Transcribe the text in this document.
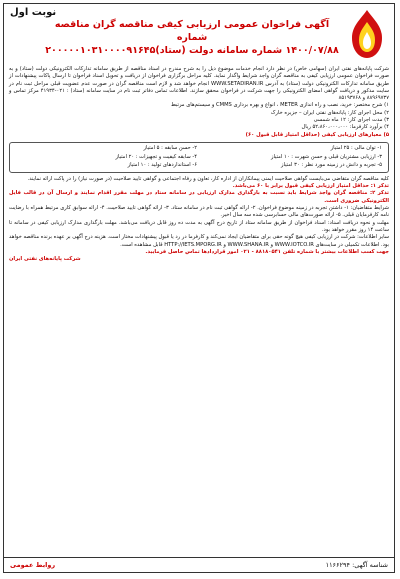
نوبت اول
آگهی فراخوان عمومی ارزیابی کیفی مناقصه گران مناقصه شماره
۱۴۰۰/۰۷/۸۸ شماره سامانه دولت (ستاد)۲۰۰۰۰۰۱۰۳۱۰۰۰۰۹۱۶۴۵

شرکت پایانه‌های نفتی ایران (سهامی خاص) در نظر دارد انجام خدمات موضوع ذیل را به شرح مندرج در اسناد مناقصه از طریق سامانه تدارکات الکترونیکی دولت (ستاد) و به صورت فراخوان عمومی ارزیابی کیفی به مناقصه گران واجد شرایط واگذار نماید. کلیه مراحل برگزاری فراخوان از دریافت و تحویل اسناد فراخوان تا ارسال پاکات پیشنهادات از طریق سامانه تدارکات الکترونیکی دولت (ستاد) به آدرس WWW.SETADIRAN.IR انجام خواهد شد و لازم است مناقصه گران در صورت عدم عضویت قبلی مراحل ثبت نام در سایت مذکور و دریافت گواهی امضای الکترونیکی را جهت شرکت در فراخوان محقق سازند. اطلاعات تماس دفاتر ثبت نام در سایت سامانه (ستاد) : ۰۲۱-۴۱۹۳۴ مرکز تماس و ۸۸۹۶۹۷۳۷ و ۸۵۱۹۳۷۶۸

۱) شرح مختصر: خرید، نصب و راه اندازی METER ، انواع و بهره برداری CMMS و سیستم‌های مرتبط
۲) محل اجرای کار: پایانه‌های نفتی ایران – جزیره خارک
۳) مدت اجرای کار: ۱۲ ماه شمسی
۴) برآورد کارفرما: ۵۲،۸۶۰،۰۰۰،۰۰۰ ریال
۵) معیارهای ارزیابی کیفی (حداقل امتیاز قابل قبول ۶۰)
۱- توان مالی : ۲۵ امتیاز
۲- حسن سابقه : ۵ امتیاز
۳- ارزیابی مشتریان قبلی و حسن شهرت : ۱۰ امتیاز
۴- سابقه کیفیت و تجهیزات : ۲۰ امتیاز
۵- تجربه و دانش در زمینه مورد نظر : ۳۰ امتیاز
۶- استانداردهای تولید : ۱۰ امتیاز

کلیه مناقصه گران متقاضی می‌بایست گواهی صلاحیت ایمنی پیمانکاران از اداره کار، تعاون و رفاه اجتماعی و گواهی تایید صلاحیت (در صورت نیاز) را در پاکت ارائه نمایند.

تذکر ۱: حداقل امتیاز ارزیابی کیفی قبول برابر با ۶۰ می‌باشد.

تذکر ۲: مناقصه گران واجد شرایط باید نسبت به بارگذاری مدارک ارزیابی در سامانه ستاد در مهلت مقرر اقدام نمایند و ارسال آن در قالب فایل الکترونیکی ضروری است.

شرایط متقاضیان: ۱- داشتن تجربه در زمینه موضوع فراخوان. ۲- ارائه گواهی ثبت نام در سامانه ستاد. ۳- ارائه گواهی تایید صلاحیت. ۴- ارائه سوابق کاری مرتبط همراه با رضایت نامه کارفرمایان قبلی. ۵- ارائه صورت‌های مالی حسابرسی شده سه سال اخیر.

مهلت و نحوه دریافت اسناد: اسناد فراخوان از طریق سامانه ستاد از تاریخ درج آگهی به مدت ده روز قابل دریافت می‌باشد. مهلت بارگذاری مدارک ارزیابی کیفی در سامانه تا ساعت ۱۴ روز مقرر خواهد بود.

سایر اطلاعات: شرکت در ارزیابی کیفی هیچ گونه حقی برای متقاضیان ایجاد نمی‌کند و کارفرما در رد یا قبول پیشنهادات مختار است. هزینه درج آگهی بر عهده برنده مناقصه خواهد بود. اطلاعات تکمیلی در سایت‌های WWW.IOTCO.IR و WWW.SHANA.IR و HTTP://IETS.MPORG.IR قابل مشاهده است.

جهت کسب اطلاعات بیشتر با شماره تلفن ۸۸۱۸۰۵۴۱ - ۰۲۱ امور قراردادها تماس حاصل فرمایید.

شرکت پایانه‌های نفتی ایران

شناسه آگهی: ۱۱۶۶۲۹۴
روابط عمومی
